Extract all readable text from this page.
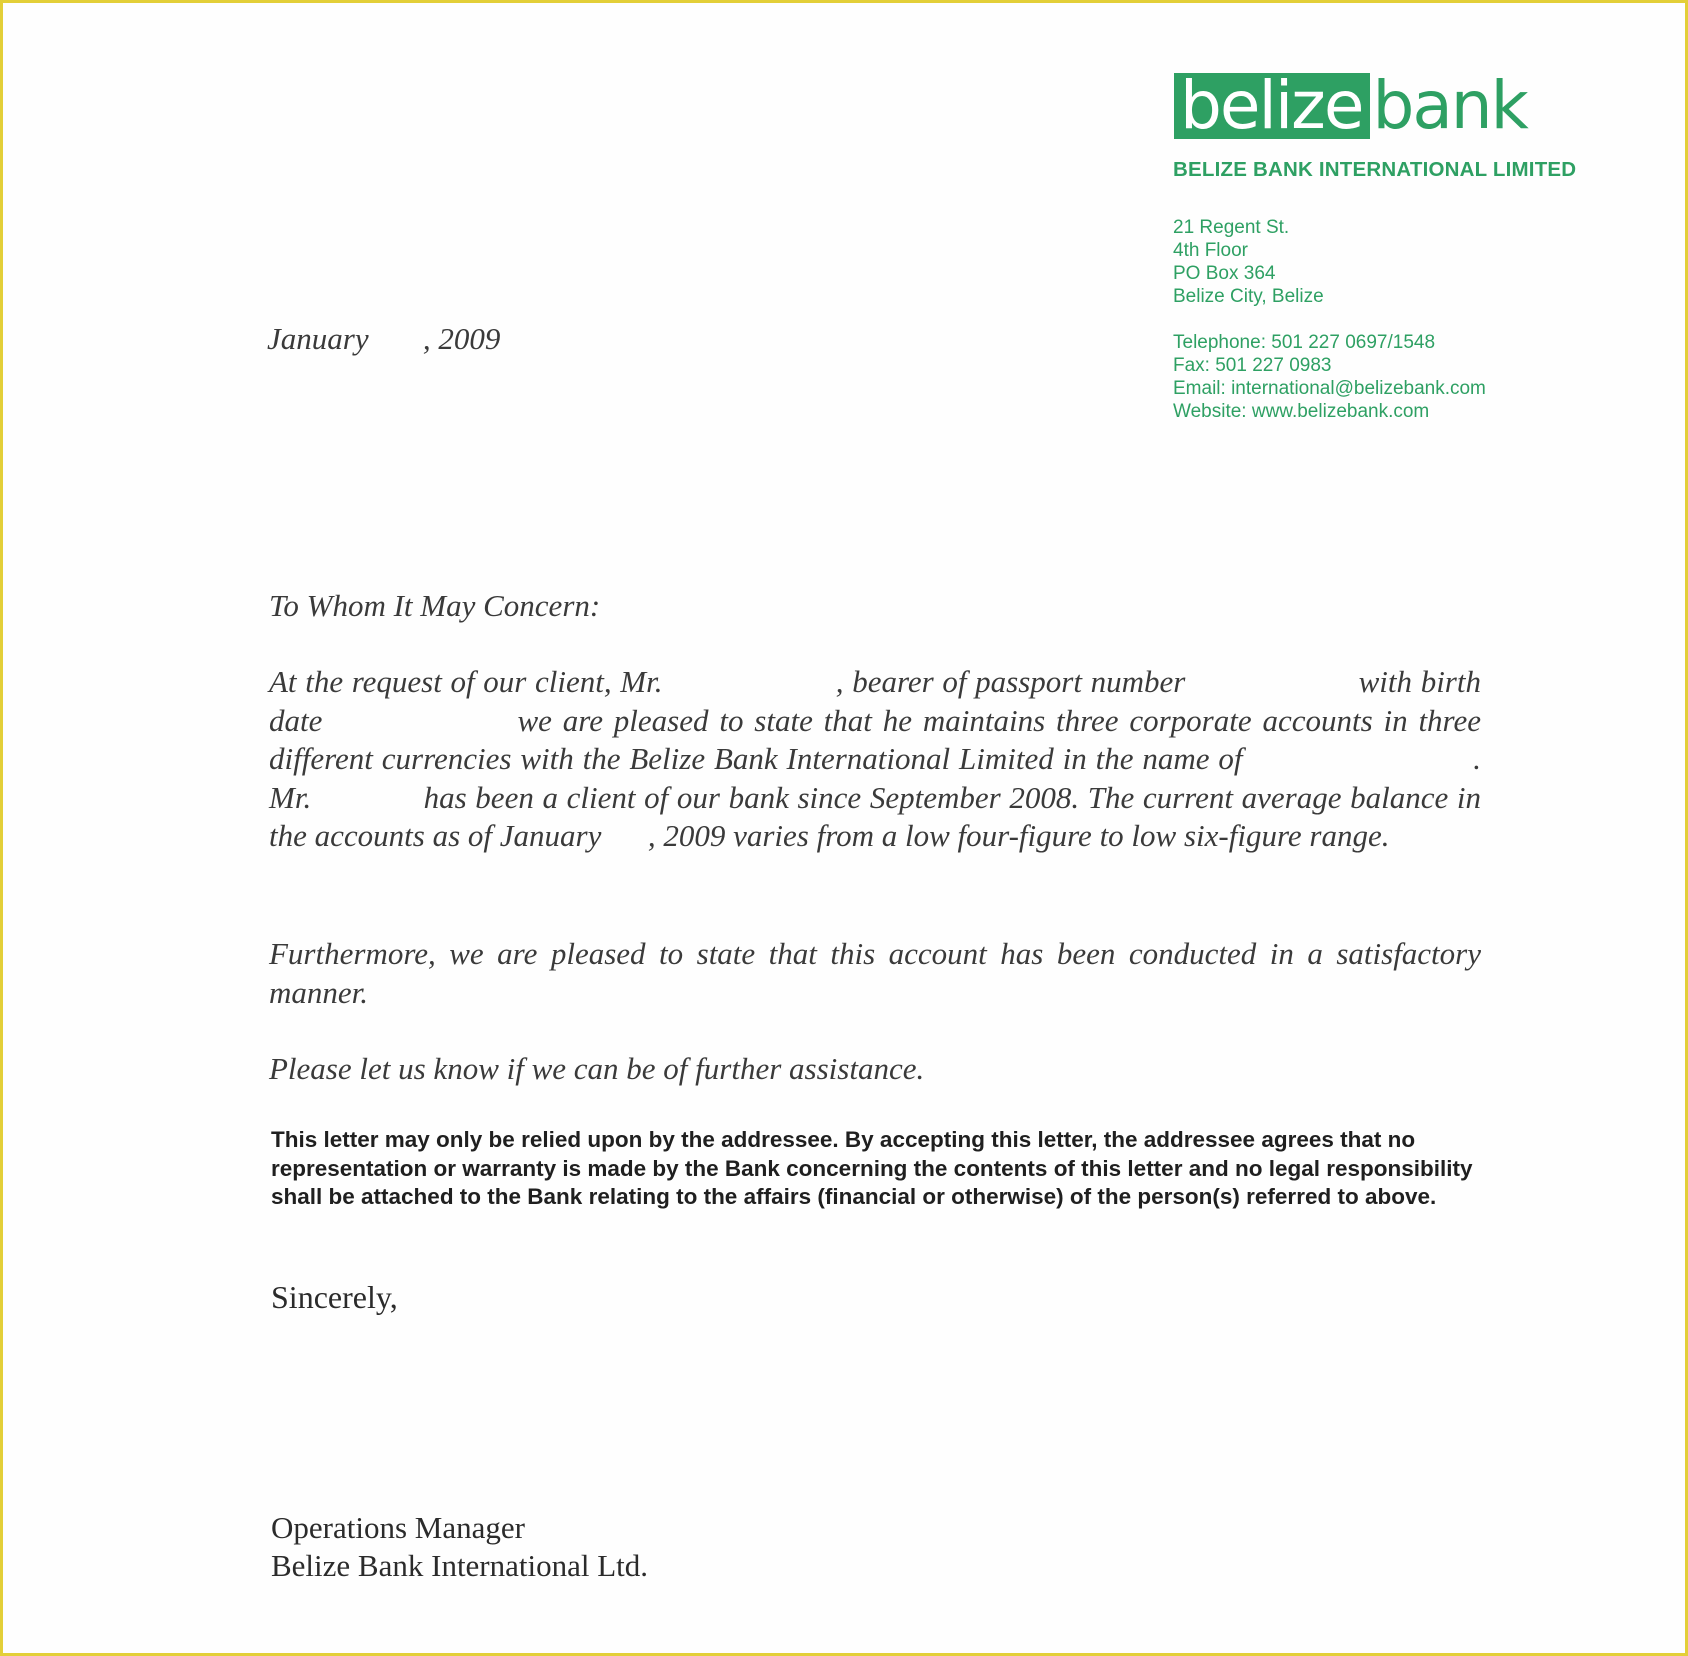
belize bank
BELIZE BANK INTERNATIONAL LIMITED
21 Regent St.
4th Floor
PO Box 364
Belize City, Belize
Telephone: 501 227 0697/1548
Fax: 501 227 0983
Email: international@belizebank.com
Website: www.belizebank.com
January       , 2009
To Whom It May Concern:
At the request of our client, Mr.                    , bearer of passport number                    with birth date                  we are pleased to state that he maintains three corporate accounts in three different currencies with the Belize Bank International Limited in the name of                          .  Mr.             has been a client of our bank since September 2008. The current average balance in the accounts as of January      , 2009 varies from a low four-figure to low six-figure range.
Furthermore, we are pleased to state that this account has been conducted in a satisfactory manner.
Please let us know if we can be of further assistance.
This letter may only be relied upon by the addressee. By accepting this letter, the addressee agrees that no representation or warranty is made by the Bank concerning the contents of this letter and no legal responsibility shall be attached to the Bank relating to the affairs (financial or otherwise) of the person(s) referred to above.
Sincerely,
Operations Manager
Belize Bank International Ltd.
